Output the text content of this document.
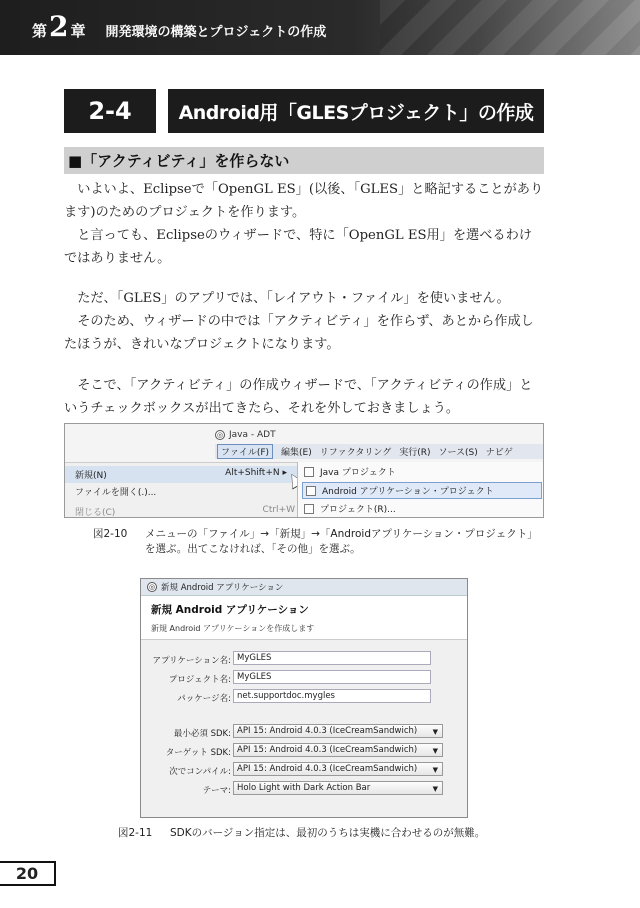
第 2 章 開発環境の構築とプロジェクトの作成
2-4	Android用「GLESプロジェクト」の作成
■「アクティビティ」を作らない

いよいよ、Eclipseで「OpenGL ES」(以後、「GLES」と略記することがあります)のためのプロジェクトを作ります。

と言っても、Eclipseのウィザードで、特に「OpenGL ES用」を選べるわけではありません。

ただ、「GLES」のアプリでは、「レイアウト・ファイル」を使いません。

そのため、ウィザードの中では「アクティビティ」を作らず、あとから作成したほうが、きれいなプロジェクトになります。

そこで、「アクティビティ」の作成ウィザードで、「アクティビティの作成」というチェックボックスが出てきたら、それを外しておきましょう。

◎ Java - ADT
ファイル(F)	編集(E) リファクタリング 実行(R) ソース(S) ナビゲ
新規(N)	Alt+Shift+N ▸
ファイルを開く(.)...
閉じる(C)	Ctrl+W
Java プロジェクト
Android アプリケーション・プロジェクト
プロジェクト(R)...
図2-10	メニューの「ファイル」→「新規」→「Androidアプリケーション・プロジェクト」
を選ぶ。出てこなければ、「その他」を選ぶ。
◎ 新規 Android アプリケーション
新規 Android アプリケーション
新規 Android アプリケーションを作成します
アプリケーション名: MyGLES
プロジェクト名: MyGLES
パッケージ名: net.supportdoc.mygles
最小必須 SDK: API 15: Android 4.0.3 (IceCreamSandwich) ▼
ターゲット SDK: API 15: Android 4.0.3 (IceCreamSandwich) ▼
次でコンパイル: API 15: Android 4.0.3 (IceCreamSandwich) ▼
テーマ: Holo Light with Dark Action Bar	▼
図2-11 SDKのバージョン指定は、最初のうちは実機に合わせるのが無難。
20
